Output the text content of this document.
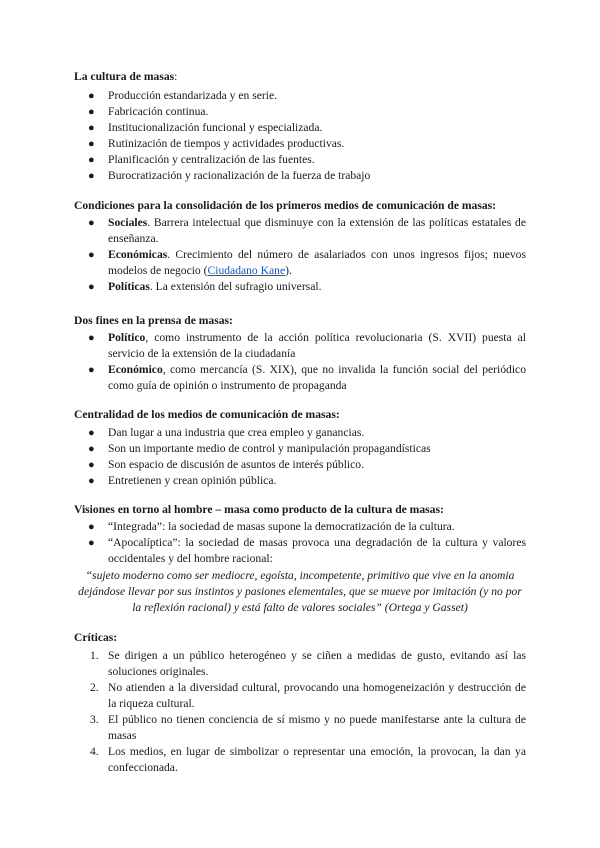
La cultura de masas:
● Producción estandarizada y en serie.
● Fabricación continua.
● Institucionalización funcional y especializada.
● Rutinización de tiempos y actividades productivas.
● Planificación y centralización de las fuentes.
● Burocratización y racionalización de la fuerza de trabajo
Condiciones para la consolidación de los primeros medios de comunicación de masas:
● Sociales. Barrera intelectual que disminuye con la extensión de las políticas estatales de enseñanza.
● Económicas. Crecimiento del número de asalariados con unos ingresos fijos; nuevos modelos de negocio (Ciudadano Kane).
● Políticas. La extensión del sufragio universal.
Dos fines en la prensa de masas:
● Político, como instrumento de la acción política revolucionaria (S. XVII) puesta al servicio de la extensión de la ciudadanía
● Económico, como mercancía (S. XIX), que no invalida la función social del periódico como guía de opinión o instrumento de propaganda
Centralidad de los medios de comunicación de masas:
● Dan lugar a una industria que crea empleo y ganancias.
● Son un importante medio de control y manipulación propagandísticas
● Son espacio de discusión de asuntos de interés público.
● Entretienen y crean opinión pública.
Visiones en torno al hombre – masa como producto de la cultura de masas:
● “Integrada”: la sociedad de masas supone la democratización de la cultura.
● “Apocalíptica”: la sociedad de masas provoca una degradación de la cultura y valores occidentales y del hombre racional:
“sujeto moderno como ser mediocre, egoísta, incompetente, primitivo que vive en la anomia dejándose llevar por sus instintos y pasiones elementales, que se mueve por imitación (y no por la reflexión racional) y está falto de valores sociales” (Ortega y Gasset)
Críticas:
1. Se dirigen a un público heterogéneo y se ciñen a medidas de gusto, evitando así las soluciones originales.
2. No atienden a la diversidad cultural, provocando una homogeneización y destrucción de la riqueza cultural.
3. El público no tienen conciencia de sí mismo y no puede manifestarse ante la cultura de masas
4. Los medios, en lugar de simbolizar o representar una emoción, la provocan, la dan ya confeccionada.
